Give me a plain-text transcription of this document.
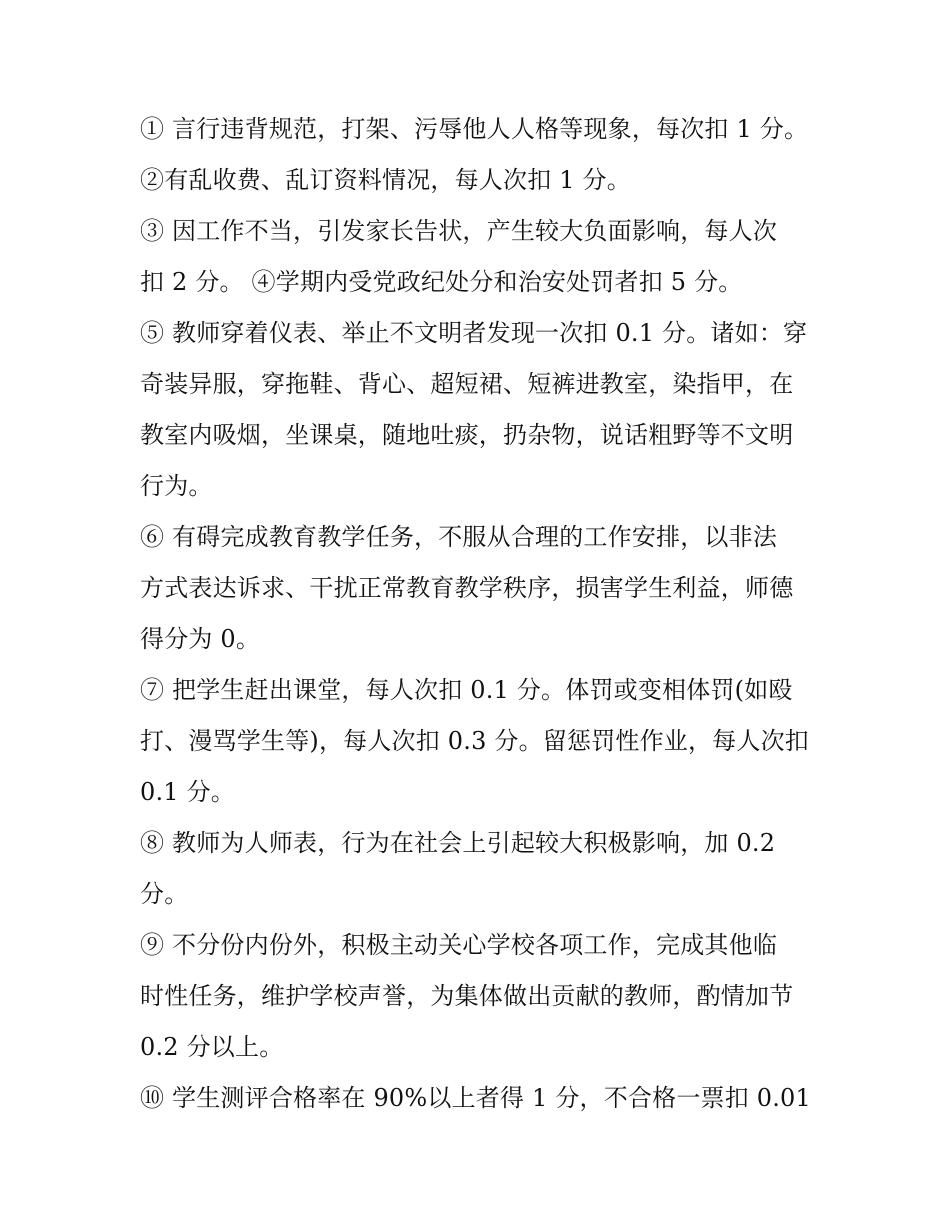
① 言行违背规范，打架、污辱他人人格等现象，每次扣 1 分。
②有乱收费、乱订资料情况，每人次扣 1 分。
③ 因工作不当，引发家长告状，产生较大负面影响，每人次
扣 2 分。 ④学期内受党政纪处分和治安处罚者扣 5 分。
⑤ 教师穿着仪表、举止不文明者发现一次扣 0.1 分。诸如：穿
奇装异服，穿拖鞋、背心、超短裙、短裤进教室，染指甲，在
教室内吸烟，坐课桌，随地吐痰，扔杂物，说话粗野等不文明
行为。
⑥ 有碍完成教育教学任务，不服从合理的工作安排，以非法
方式表达诉求、干扰正常教育教学秩序，损害学生利益，师德
得分为 0。
⑦ 把学生赶出课堂，每人次扣 0.1 分。体罚或变相体罚(如殴
打、漫骂学生等)，每人次扣 0.3 分。留惩罚性作业，每人次扣
0.1 分。
⑧ 教师为人师表，行为在社会上引起较大积极影响，加 0.2
分。
⑨ 不分份内份外，积极主动关心学校各项工作，完成其他临
时性任务，维护学校声誉，为集体做出贡献的教师，酌情加节
0.2 分以上。
⑩ 学生测评合格率在 90%以上者得 1 分，不合格一票扣 0.01
